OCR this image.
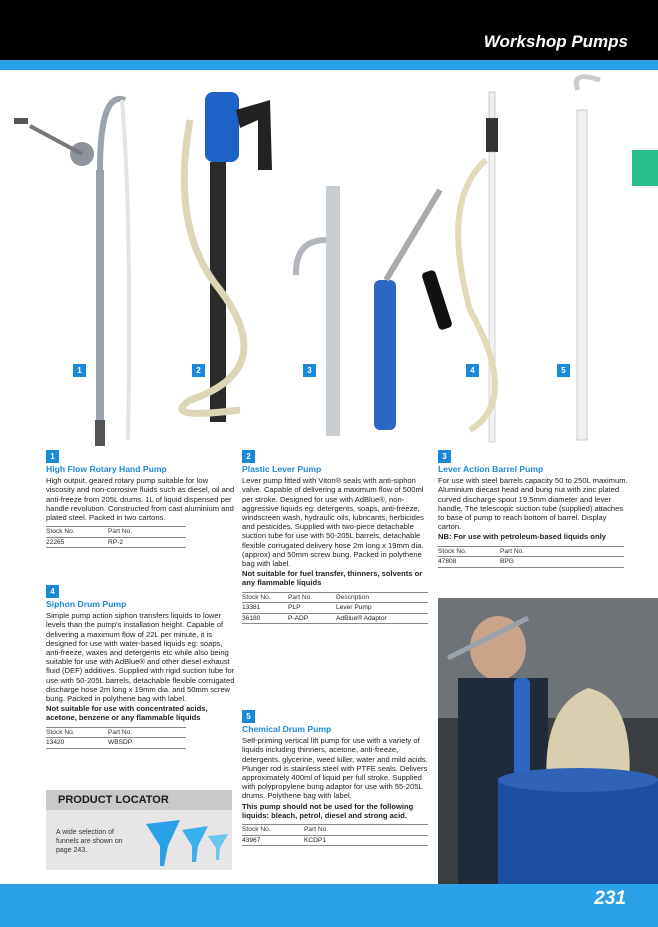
Workshop Pumps
231
1	2	3	4	5
1
High Flow Rotary Hand Pump

High output, geared rotary pump suitable for low viscosity and non-corrosive fluids such as diesel, oil and anti-freeze from 205L drums. 1L of liquid dispensed per handle revolution. Constructed from cast aluminium and plated steel. Packed in two cartons.

Stock No.	Part No.
22265	RP-2
4
Siphon Drum Pump

Simple pump action siphon transfers liquids to lower levels than the pump's installation height. Capable of delivering a maximum flow of 22L per minute, it is designed for use with water-based liquids eg: soaps, anti-freeze, waxes and detergents etc while also being suitable for use with AdBlue® and other diesel exhaust fluid (DEF) additives. Supplied with rigid suction tube for use with 50-205L barrels, detachable flexible corrugated discharge hose 2m long x 19mm dia. and 50mm screw bung. Packed in polythene bag with label.

Not suitable for use with concentrated acids, acetone, benzene or any flammable liquids

Stock No.	Part No.
13420	WBSDP
2
Plastic Lever Pump

Lever pump fitted with Viton® seals with anti-siphon valve. Capable of delivering a maximum flow of 500ml per stroke. Designed for use with AdBlue®, non-aggressive liquids eg: detergents, soaps, anti-freeze, windscreen wash, hydraulic oils, lubricants, herbicides and pesticides. Supplied with two-piece detachable suction tube for use with 50-205L barrels, detachable flexible corrugated delivery hose 2m long x 19mm dia. (approx) and 50mm screw bung. Packed in polythene bag with label.

Not suitable for fuel transfer, thinners, solvents or any flammable liquids

Stock No.	Part No.	Description
13381	PLP	Lever Pump
36180	P-ADP	AdBlue® Adaptor
5
Chemical Drum Pump

Self-priming vertical lift pump for use with a variety of liquids including thinners, acetone, anti-freeze, detergents, glycerine, weed killer, water and mild acids. Plunger rod is stainless steel with PTFE seals. Delivers approximately 400ml of liquid per full stroke. Supplied with polypropylene bung adaptor for use with 55-205L drums. Polythene bag with label.

This pump should not be used for the following liquids: bleach, petrol, diesel and strong acid.

Stock No.	Part No.
43967	KCDP1
3
Lever Action Barrel Pump

For use with steel barrels capacity 50 to 250L maximum. Aluminium diecast head and bung nut with zinc plated curved discharge spout 19.5mm diameter and lever handle. The telescopic suction tube (supplied) attaches to base of pump to reach bottom of barrel. Display carton.

NB: For use with petroleum-based liquids only

Stock No.	Part No.
47808	BPG
PRODUCT LOCATOR
A wide selection of funnels are shown on page 243.
